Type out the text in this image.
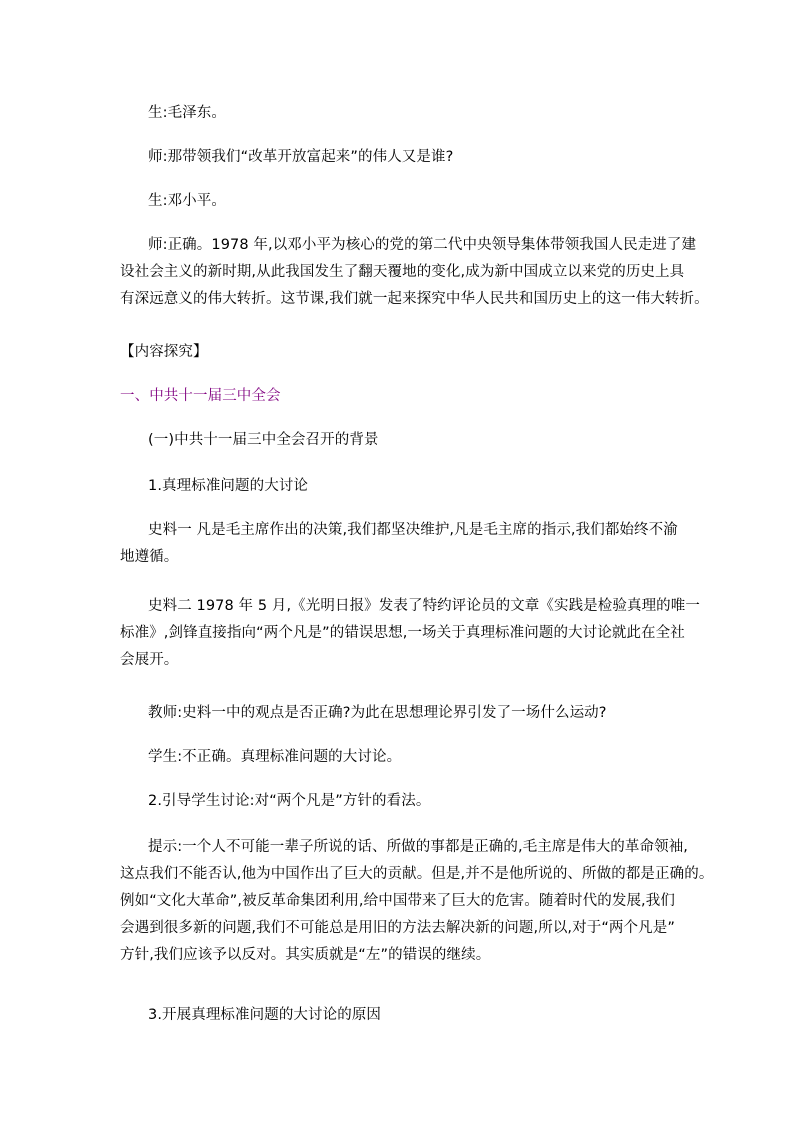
生:毛泽东。
师:那带领我们“改革开放富起来”的伟人又是谁?
生:邓小平。
师:正确。1978 年,以邓小平为核心的党的第二代中央领导集体带领我国人民走进了建
设社会主义的新时期,从此我国发生了翻天覆地的变化,成为新中国成立以来党的历史上具
有深远意义的伟大转折。这节课,我们就一起来探究中华人民共和国历史上的这一伟大转折。
【内容探究】
一、中共十一届三中全会
(一)中共十一届三中全会召开的背景
1.真理标准问题的大讨论
史料一 凡是毛主席作出的决策,我们都坚决维护,凡是毛主席的指示,我们都始终不渝
地遵循。
史料二 1978 年 5 月,《光明日报》发表了特约评论员的文章《实践是检验真理的唯一
标准》,剑锋直接指向“两个凡是”的错误思想,一场关于真理标准问题的大讨论就此在全社
会展开。
教师:史料一中的观点是否正确?为此在思想理论界引发了一场什么运动?
学生:不正确。真理标准问题的大讨论。
2.引导学生讨论:对“两个凡是”方针的看法。
提示:一个人不可能一辈子所说的话、所做的事都是正确的,毛主席是伟大的革命领袖,
这点我们不能否认,他为中国作出了巨大的贡献。但是,并不是他所说的、所做的都是正确的。
例如“文化大革命”,被反革命集团利用,给中国带来了巨大的危害。随着时代的发展,我们
会遇到很多新的问题,我们不可能总是用旧的方法去解决新的问题,所以,对于“两个凡是”
方针,我们应该予以反对。其实质就是“左”的错误的继续。
3.开展真理标准问题的大讨论的原因
